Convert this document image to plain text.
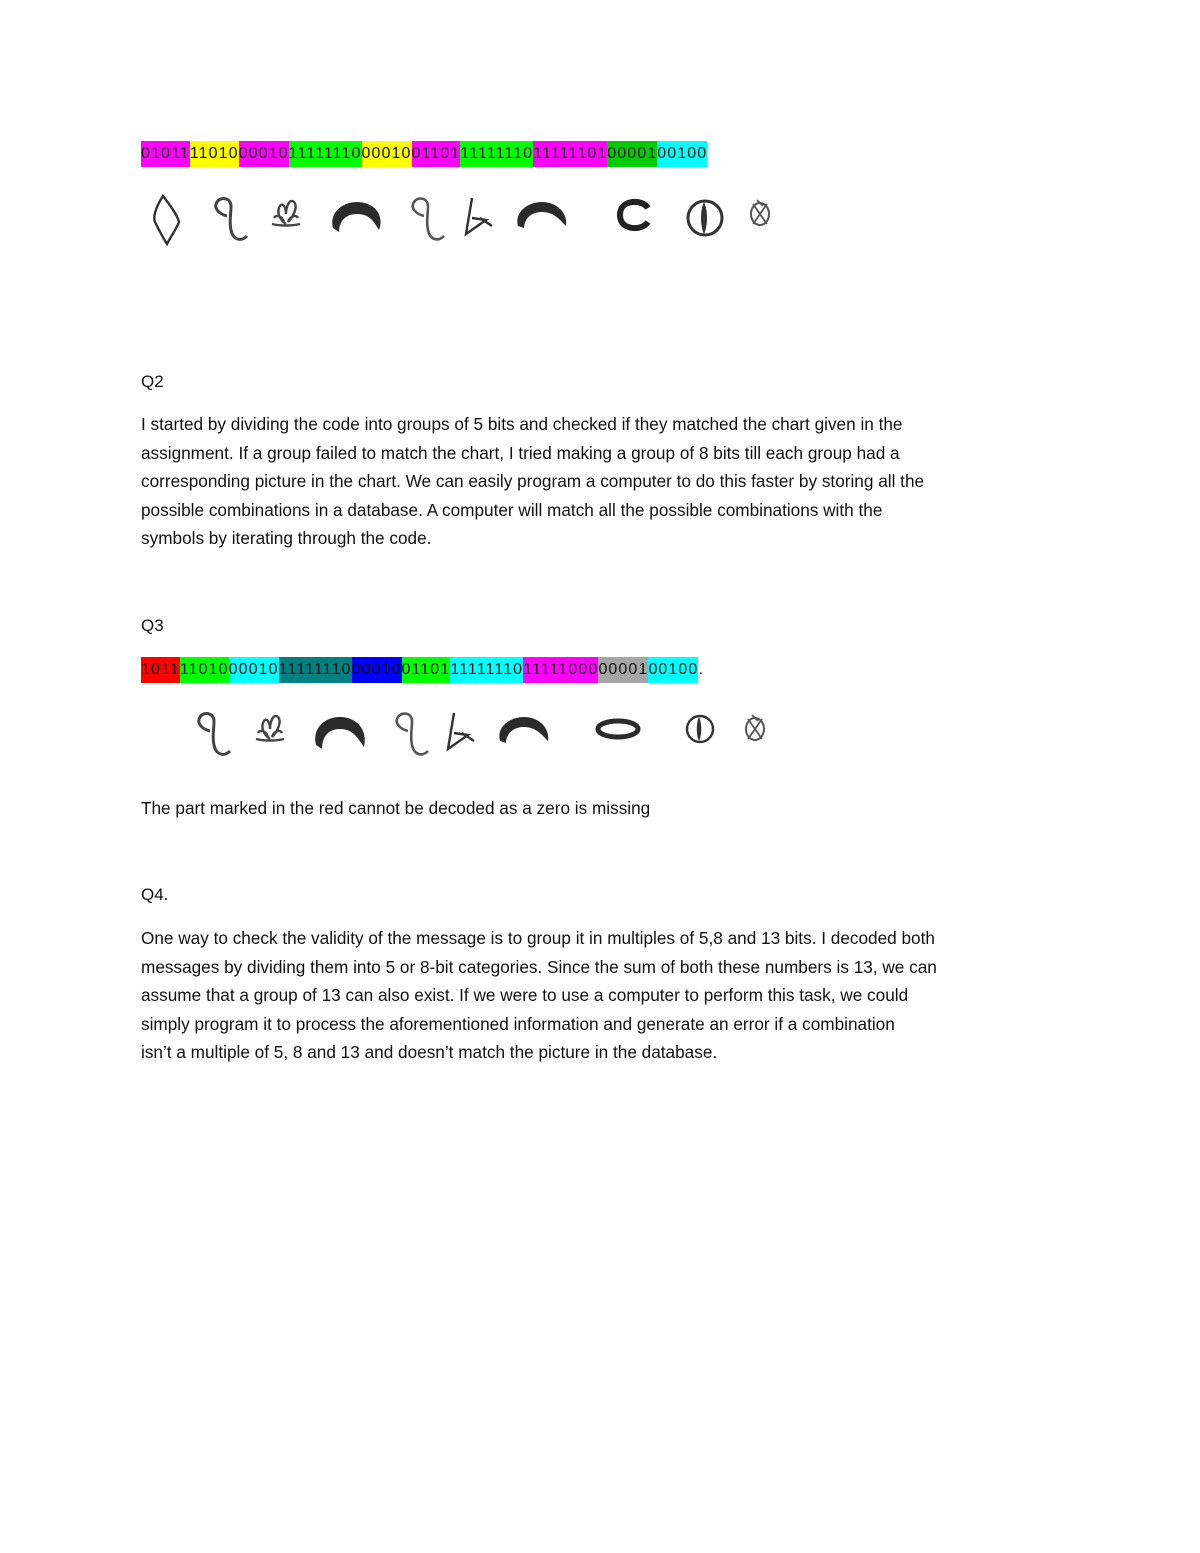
01011 11010 00010 11111110 00010 01101 11111110 11111101 00001 00100

Q2

I started by dividing the code into groups of 5 bits and checked if they matched the chart given in the
assignment. If a group failed to match the chart, I tried making a group of 8 bits till each group had a
corresponding picture in the chart. We can easily program a computer to do this faster by storing all the
possible combinations in a database. A computer will match all the possible combinations with the
symbols by iterating through the code.

Q3

1011 11010 00010 11111110 00010 01101 11111110 11111000 00001 00100 .

The part marked in the red cannot be decoded as a zero is missing

Q4.

One way to check the validity of the message is to group it in multiples of 5,8 and 13 bits. I decoded both
messages by dividing them into 5 or 8-bit categories. Since the sum of both these numbers is 13, we can
assume that a group of 13 can also exist. If we were to use a computer to perform this task, we could
simply program it to process the aforementioned information and generate an error if a combination
isn’t a multiple of 5, 8 and 13 and doesn’t match the picture in the database.
